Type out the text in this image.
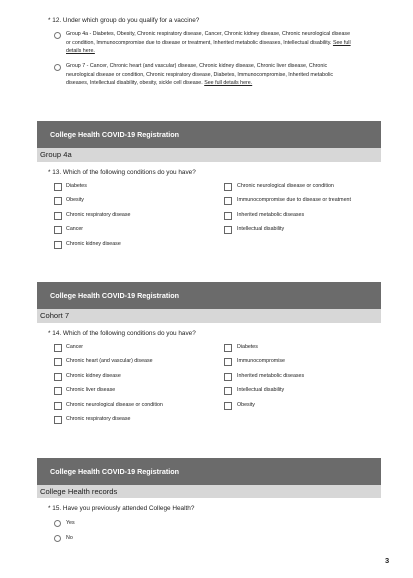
* 12. Under which group do you qualify for a vaccine?
Group 4a - Diabetes, Obesity, Chronic respiratory disease, Cancer, Chronic kidney disease, Chronic neurological disease
or condition, Immunocompromise due to disease or treatment, Inherited metabolic diseases, Intellectual disability. See full
details here.
Group 7 - Cancer, Chronic heart (and vascular) disease, Chronic kidney disease, Chronic liver disease, Chronic
neurological disease or condition, Chronic respiratory disease, Diabetes, Immunocompromise, Inherited metabolic
diseases, Intellectual disability, obesity, sickle cell disease. See full details here.
College Health COVID-19 Registration
Group 4a
* 13. Which of the following conditions do you have?
Diabetes
Obesity
Chronic respiratory disease
Cancer
Chronic kidney disease
Chronic neurological disease or condition
Immunocompromise due to disease or treatment
Inherited metabolic diseases
Intellectual disability
College Health COVID-19 Registration
Cohort 7
* 14. Which of the following conditions do you have?
Cancer
Chronic heart (and vascular) disease
Chronic kidney disease
Chronic liver disease
Chronic neurological disease or condition
Chronic respiratory disease
Diabetes
Immunocompromise
Inherited metabolic diseases
Intellectual disability
Obesity
College Health COVID-19 Registration
College Health records
* 15. Have you previously attended College Health?
Yes
No
3
